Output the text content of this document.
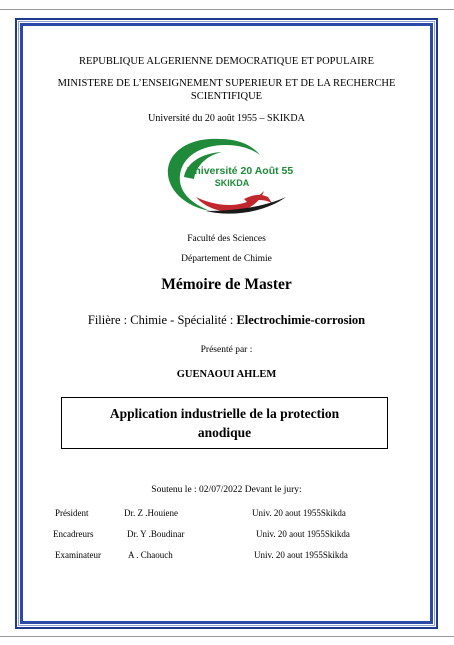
REPUBLIQUE ALGERIENNE DEMOCRATIQUE ET POPULAIRE
MINISTERE DE L’ENSEIGNEMENT SUPERIEUR ET DE LA RECHERCHE
SCIENTIFIQUE
Université du 20 août 1955 – SKIKDA
Université 20 Août 55
SKIKDA
Faculté des Sciences
Département de Chimie
Mémoire de Master
Filière : Chimie - Spécialité : Electrochimie-corrosion
Présenté par :
GUENAOUI AHLEM
Application industrielle de la protection
anodique
Soutenu le : 02/07/2022 Devant le jury:
Président	Dr. Z .Houiene	Univ. 20 aout 1955Skikda
Encadreurs	Dr. Y .Boudinar	Univ. 20 aout 1955Skikda
Examinateur	A . Chaouch	Univ. 20 aout 1955Skikda
